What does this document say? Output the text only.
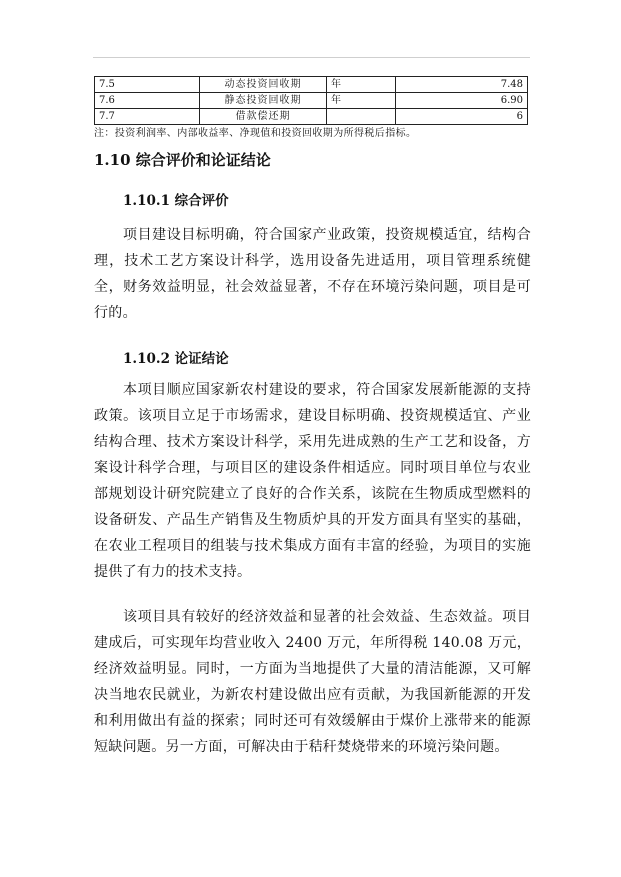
7.5	动态投资回收期	年	7.48
7.6	静态投资回收期	年	6.90
7.7	借款偿还期		6
注：投资利润率、内部收益率、净现值和投资回收期为所得税后指标。
1.10 综合评价和论证结论
1.10.1 综合评价
项目建设目标明确，符合国家产业政策，投资规模适宜，结构合理，技术工艺方案设计科学，选用设备先进适用，项目管理系统健全，财务效益明显，社会效益显著，不存在环境污染问题，项目是可行的。
1.10.2 论证结论
本项目顺应国家新农村建设的要求，符合国家发展新能源的支持政策。该项目立足于市场需求，建设目标明确、投资规模适宜、产业结构合理、技术方案设计科学，采用先进成熟的生产工艺和设备，方案设计科学合理，与项目区的建设条件相适应。同时项目单位与农业部规划设计研究院建立了良好的合作关系，该院在生物质成型燃料的设备研发、产品生产销售及生物质炉具的开发方面具有坚实的基础，在农业工程项目的组装与技术集成方面有丰富的经验，为项目的实施提供了有力的技术支持。
该项目具有较好的经济效益和显著的社会效益、生态效益。项目建成后，可实现年均营业收入 2400 万元，年所得税 140.08 万元，经济效益明显。同时，一方面为当地提供了大量的清洁能源，又可解决当地农民就业，为新农村建设做出应有贡献，为我国新能源的开发和利用做出有益的探索；同时还可有效缓解由于煤价上涨带来的能源短缺问题。另一方面，可解决由于秸秆焚烧带来的环境污染问题。
